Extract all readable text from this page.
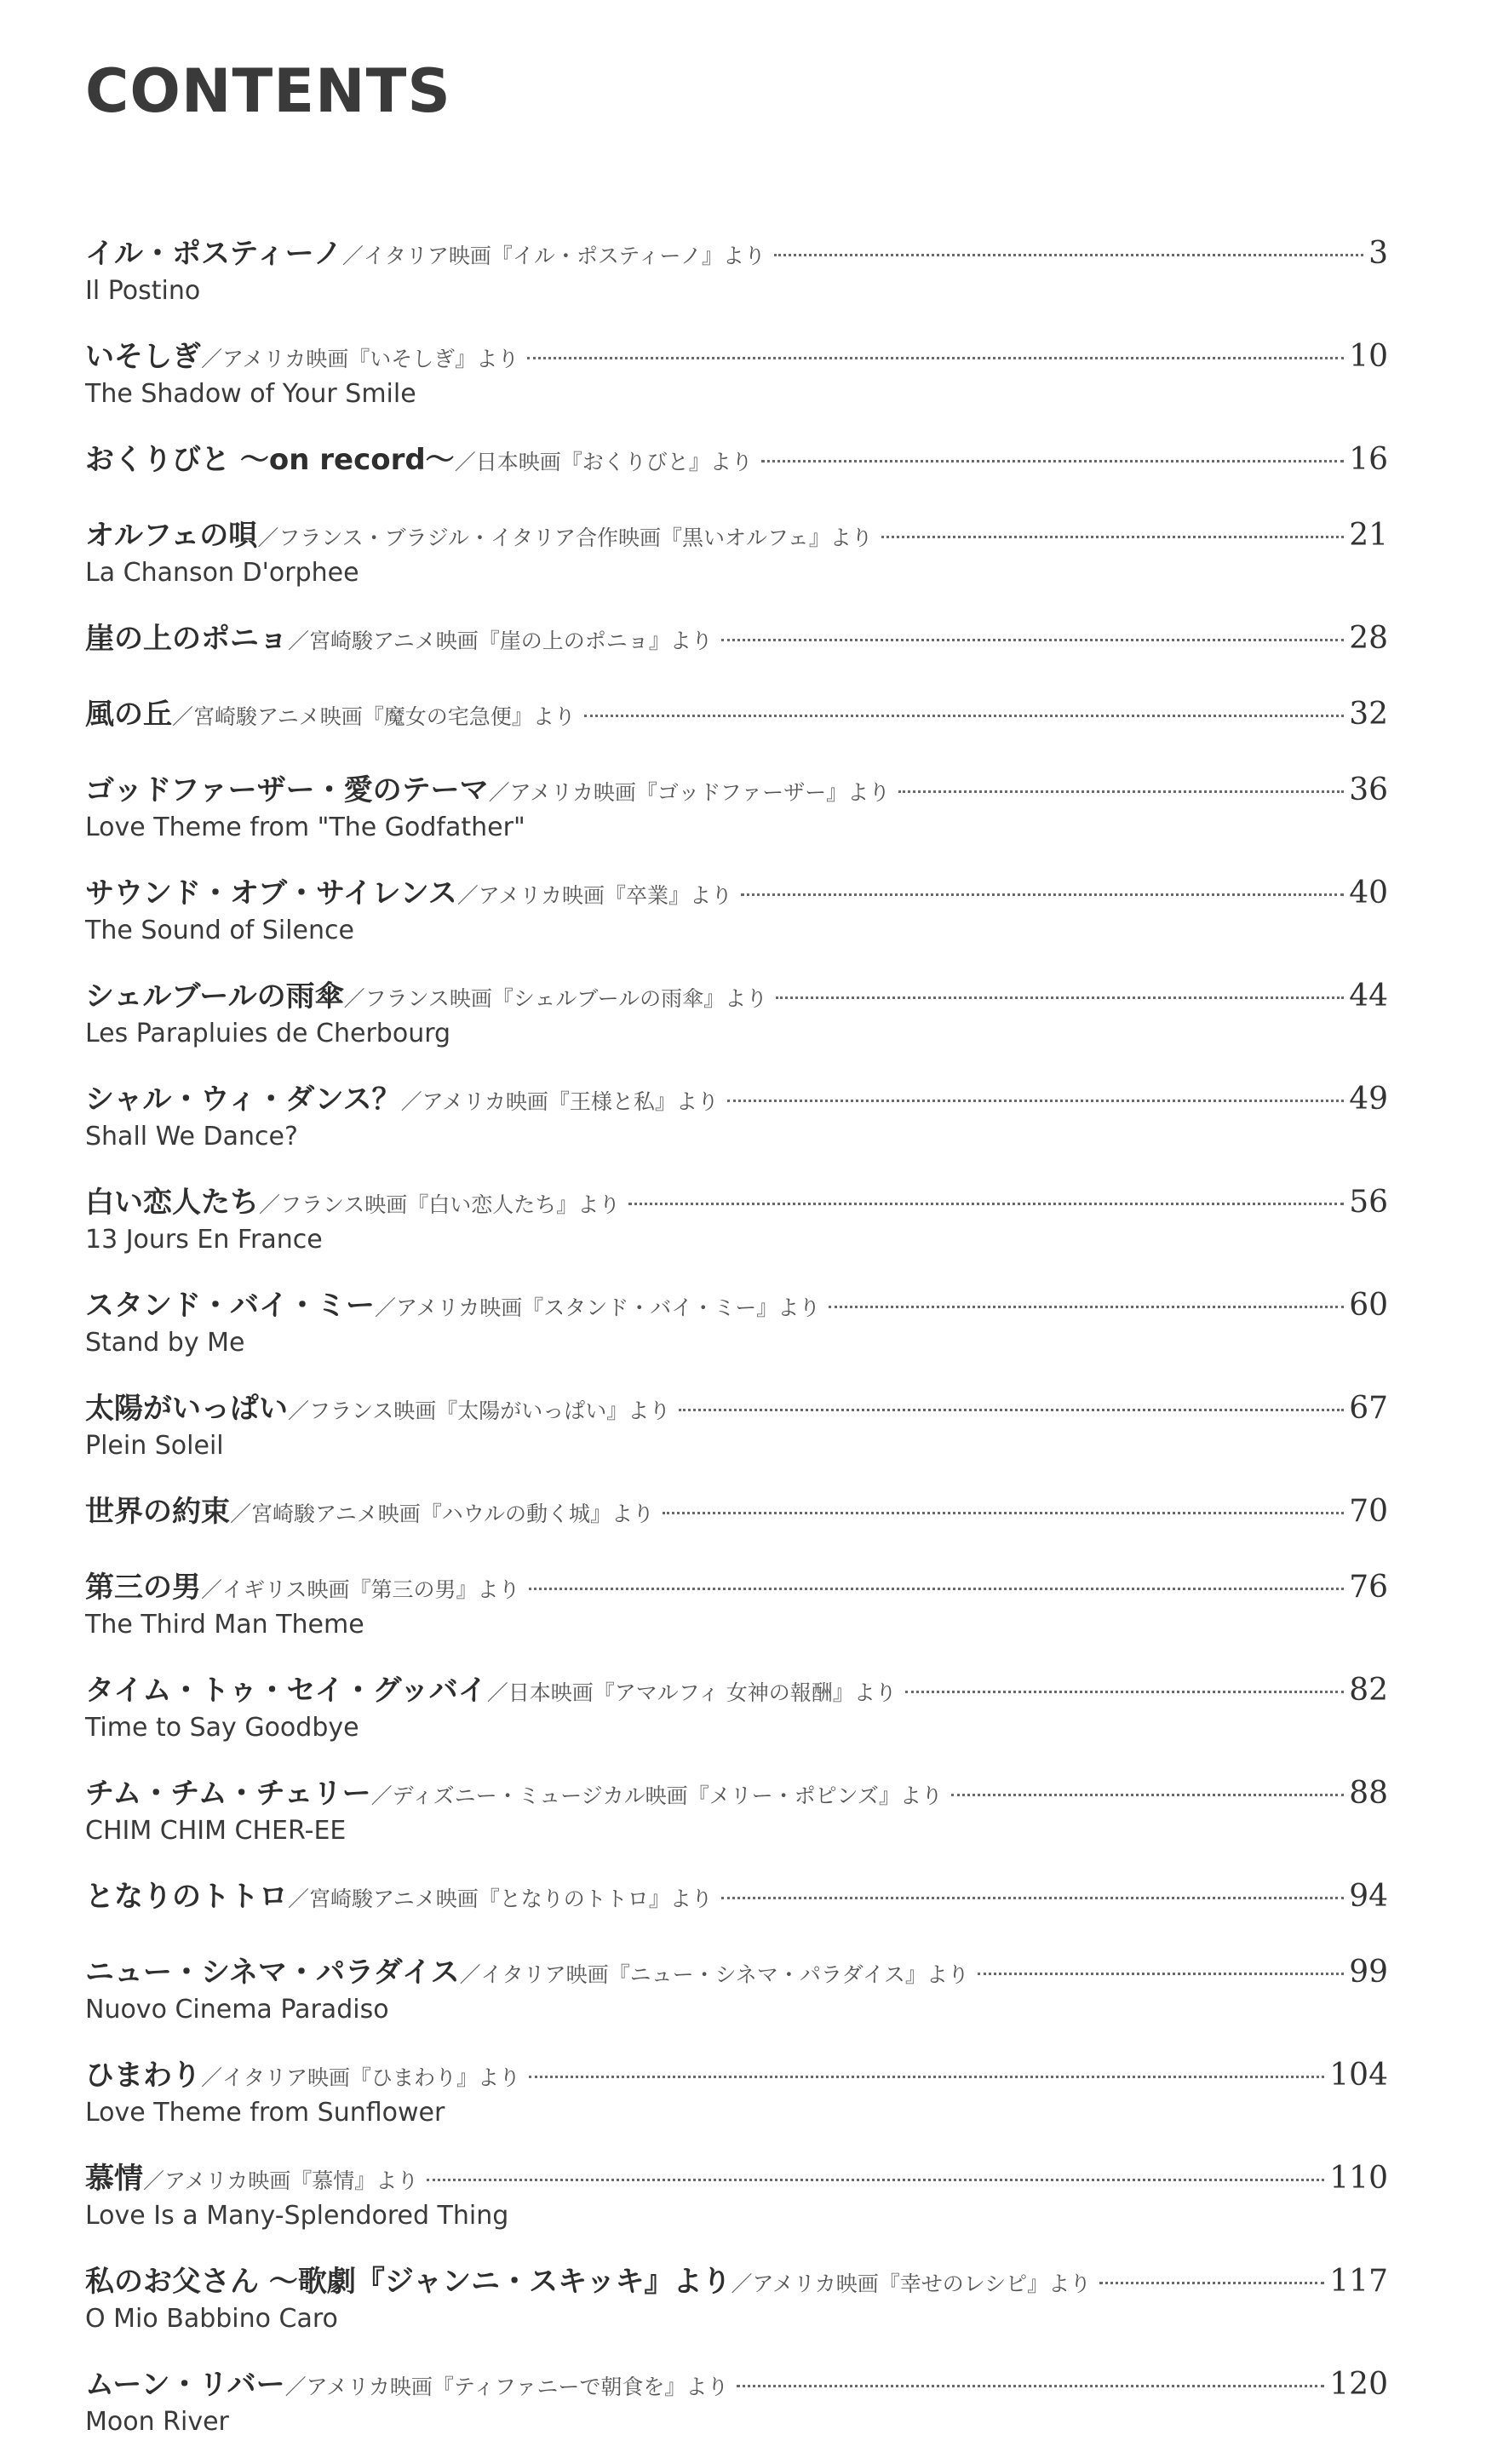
CONTENTS
イル・ポスティーノ ／イタリア映画『イル・ポスティーノ』より	3
Il Postino
いそしぎ ／アメリカ映画『いそしぎ』より	10
The Shadow of Your Smile
おくりびと ～on record～ ／日本映画『おくりびと』より	16
オルフェの唄 ／フランス・ブラジル・イタリア合作映画『黒いオルフェ』より	21
La Chanson D'orphee
崖の上のポニョ ／宮崎駿アニメ映画『崖の上のポニョ』より	28
風の丘 ／宮崎駿アニメ映画『魔女の宅急便』より	32
ゴッドファーザー・愛のテーマ ／アメリカ映画『ゴッドファーザー』より	36
Love Theme from "The Godfather"
サウンド・オブ・サイレンス ／アメリカ映画『卒業』より	40
The Sound of Silence
シェルブールの雨傘 ／フランス映画『シェルブールの雨傘』より	44
Les Parapluies de Cherbourg
シャル・ウィ・ダンス？ ／アメリカ映画『王様と私』より	49
Shall We Dance?
白い恋人たち ／フランス映画『白い恋人たち』より	56
13 Jours En France
スタンド・バイ・ミー ／アメリカ映画『スタンド・バイ・ミー』より	60
Stand by Me
太陽がいっぱい ／フランス映画『太陽がいっぱい』より	67
Plein Soleil
世界の約束 ／宮崎駿アニメ映画『ハウルの動く城』より	70
第三の男 ／イギリス映画『第三の男』より	76
The Third Man Theme
タイム・トゥ・セイ・グッバイ ／日本映画『アマルフィ 女神の報酬』より	82
Time to Say Goodbye
チム・チム・チェリー ／ディズニー・ミュージカル映画『メリー・ポピンズ』より	88
CHIM CHIM CHER-EE
となりのトトロ ／宮崎駿アニメ映画『となりのトトロ』より	94
ニュー・シネマ・パラダイス ／イタリア映画『ニュー・シネマ・パラダイス』より	99
Nuovo Cinema Paradiso
ひまわり ／イタリア映画『ひまわり』より	104
Love Theme from Sunflower
慕情 ／アメリカ映画『慕情』より	110
Love Is a Many-Splendored Thing
私のお父さん ～歌劇『ジャンニ・スキッキ』より ／アメリカ映画『幸せのレシピ』より	117
O Mio Babbino Caro
ムーン・リバー ／アメリカ映画『ティファニーで朝食を』より	120
Moon River
